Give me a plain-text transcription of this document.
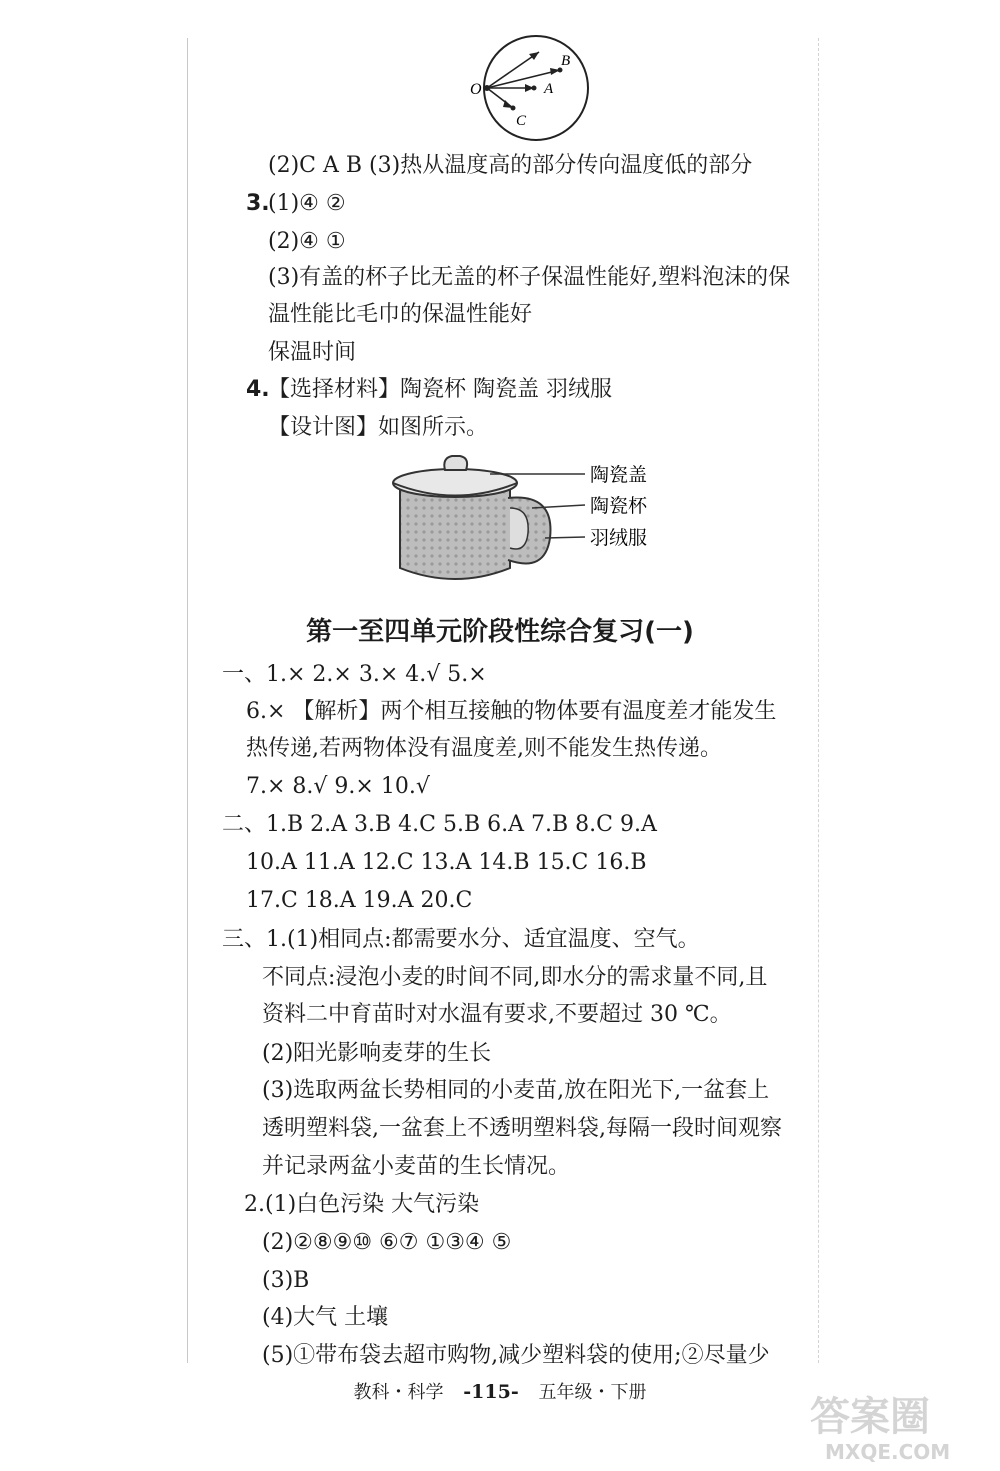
O
B
A
C
(2)C A B (3)热从温度高的部分传向温度低的部分
3.
(1)④ ②
(2)④ ①
(3)有盖的杯子比无盖的杯子保温性能好,塑料泡沫的保
温性能比毛巾的保温性能好
保温时间
4.
【选择材料】陶瓷杯 陶瓷盖 羽绒服
【设计图】如图所示。
陶瓷盖
陶瓷杯
羽绒服
第一至四单元阶段性综合复习(一)
一、1.× 2.× 3.× 4.√ 5.×
6.× 【解析】两个相互接触的物体要有温度差才能发生
热传递,若两物体没有温度差,则不能发生热传递。
7.× 8.√ 9.× 10.√
二、1.B 2.A 3.B 4.C 5.B 6.A 7.B 8.C 9.A
10.A 11.A 12.C 13.A 14.B 15.C 16.B
17.C 18.A 19.A 20.C
三、1.(1)相同点:都需要水分、适宜温度、空气。
不同点:浸泡小麦的时间不同,即水分的需求量不同,且
资料二中育苗时对水温有要求,不要超过 30 ℃。
(2)阳光影响麦芽的生长
(3)选取两盆长势相同的小麦苗,放在阳光下,一盆套上
透明塑料袋,一盆套上不透明塑料袋,每隔一段时间观察
并记录两盆小麦苗的生长情况。
2.(1)白色污染 大气污染
(2)②⑧⑨⑩ ⑥⑦ ①③④ ⑤
(3)B
(4)大气 土壤
(5)①带布袋去超市购物,减少塑料袋的使用;②尽量少
教科・科学 -115- 五年级・下册
答案圈
MXQE.COM
